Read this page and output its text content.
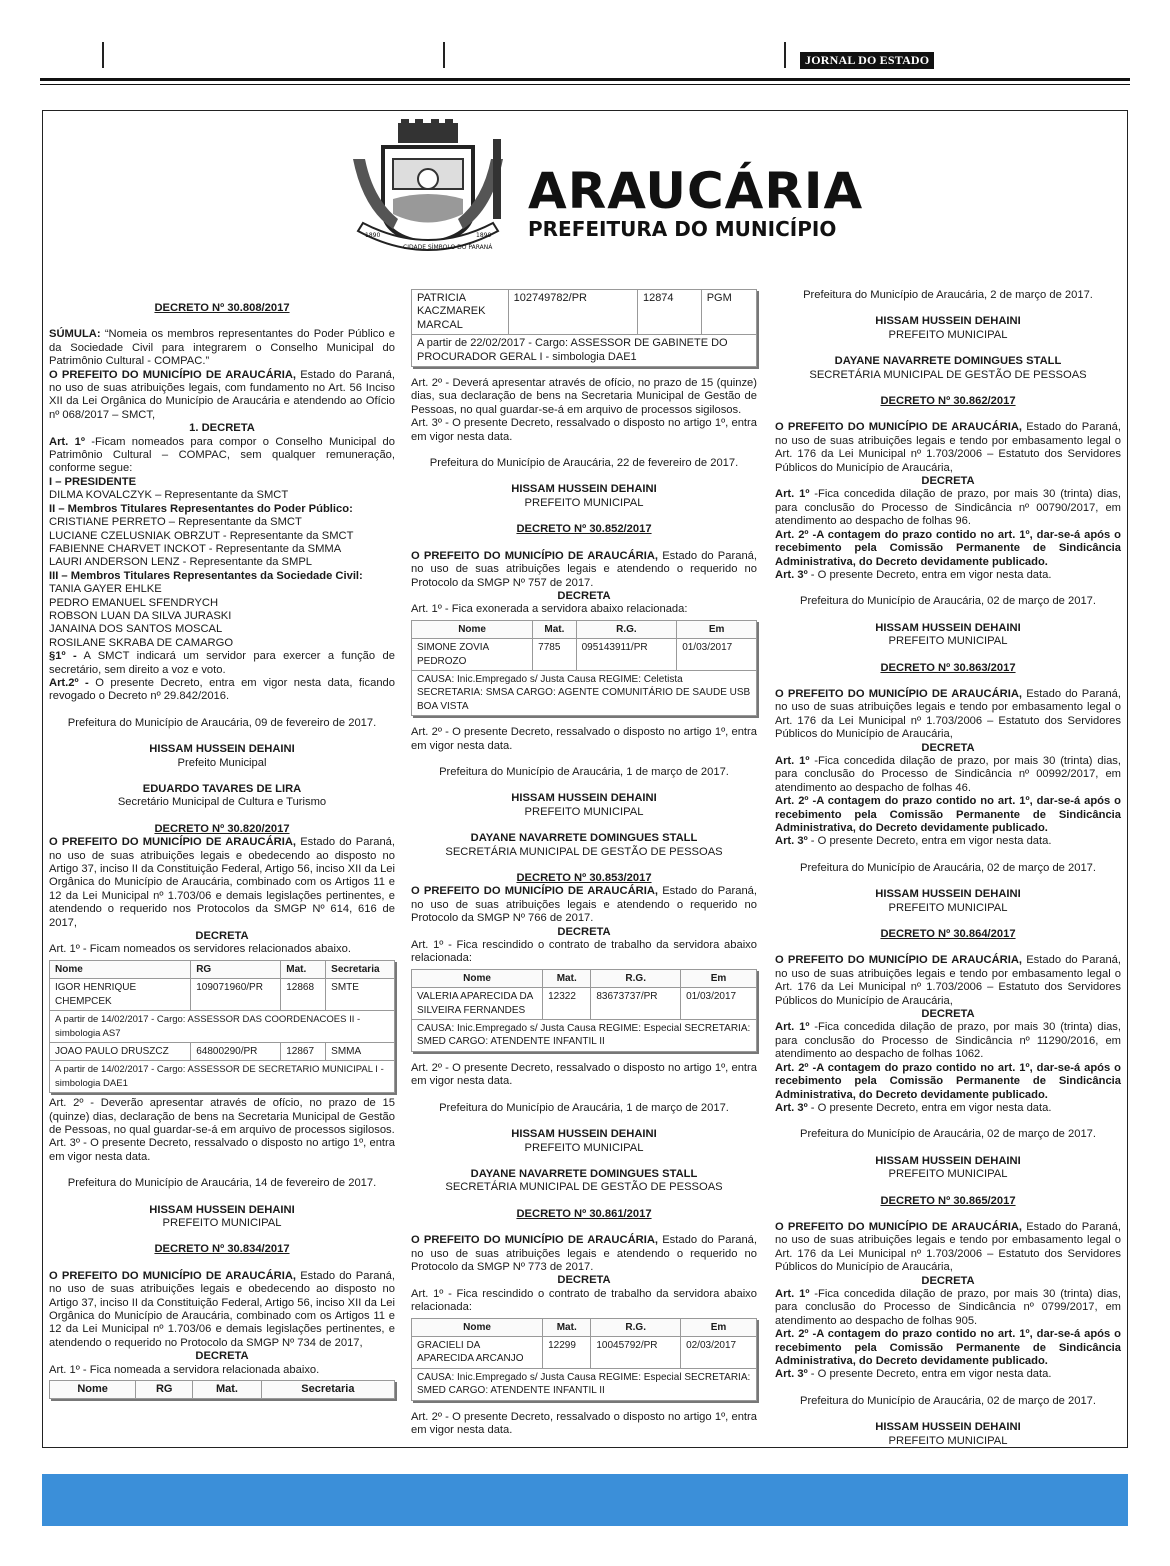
JORNAL DO ESTADO
1890
CIDADE SÍMBOLO DO PARANÁ
1890
ARAUCÁRIA
PREFEITURA DO MUNICÍPIO

DECRETO Nº 30.808/2017

SÚMULA: “Nomeia os membros representantes do Poder Público e da Sociedade Civil para integrarem o Conselho Municipal do Patrimônio Cultural - COMPAC.”

O PREFEITO DO MUNICÍPIO DE ARAUCÁRIA, Estado do Paraná, no uso de suas atribuições legais, com fundamento no Art. 56 Inciso XII da Lei Orgânica do Município de Araucária e atendendo ao Ofício nº 068/2017 – SMCT,

1. DECRETA

Art. 1º -Ficam nomeados para compor o Conselho Municipal do Patrimônio Cultural – COMPAC, sem qualquer remuneração, conforme segue:

I – PRESIDENTE

DILMA KOVALCZYK – Representante da SMCT

II – Membros Titulares Representantes do Poder Público:

CRISTIANE PERRETO – Representante da SMCT

LUCIANE CZELUSNIAK OBRZUT - Representante da SMCT

FABIENNE CHARVET INCKOT - Representante da SMMA

LAURI ANDERSON LENZ - Representante da SMPL

III – Membros Titulares Representantes da Sociedade Civil:

TANIA GAYER EHLKE

PEDRO EMANUEL SFENDRYCH

ROBSON LUAN DA SILVA JURASKI

JANAINA DOS SANTOS MOSCAL

ROSILANE SKRABA DE CAMARGO

§1º - A SMCT indicará um servidor para exercer a função de secretário, sem direito a voz e voto.

Art.2º - O presente Decreto, entra em vigor nesta data, ficando revogado o Decreto nº 29.842/2016.

Prefeitura do Município de Araucária, 09 de fevereiro de 2017.

HISSAM HUSSEIN DEHAINI

Prefeito Municipal

EDUARDO TAVARES DE LIRA

Secretário Municipal de Cultura e Turismo

DECRETO Nº 30.820/2017

O PREFEITO DO MUNICÍPIO DE ARAUCÁRIA, Estado do Paraná, no uso de suas atribuições legais e obedecendo ao disposto no Artigo 37, inciso II da Constituição Federal, Artigo 56, inciso XII da Lei Orgânica do Município de Araucária, combinado com os Artigos 11 e 12 da Lei Municipal nº 1.703/06 e demais legislações pertinentes, e atendendo o requerido nos Protocolos da SMGP Nº 614, 616 de 2017,

DECRETA

Art. 1º - Ficam nomeados os servidores relacionados abaixo.

Nome	RG	Mat.	Secretaria
IGOR HENRIQUE CHEMPCEK	109071960/PR	12868	SMTE
A partir de 14/02/2017 - Cargo: ASSESSOR DAS COORDENACOES II - simbologia AS7			
JOAO PAULO DRUSZCZ	64800290/PR	12867	SMMA
A partir de 14/02/2017 - Cargo: ASSESSOR DE SECRETARIO MUNICIPAL I - simbologia DAE1			

Art. 2º - Deverão apresentar através de ofício, no prazo de 15 (quinze) dias, declaração de bens na Secretaria Municipal de Gestão de Pessoas, no qual guardar-se-á em arquivo de processos sigilosos.

Art. 3º - O presente Decreto, ressalvado o disposto no artigo 1º, entra em vigor nesta data.

Prefeitura do Município de Araucária, 14 de fevereiro de 2017.

HISSAM HUSSEIN DEHAINI

PREFEITO MUNICIPAL

DECRETO Nº 30.834/2017

O PREFEITO DO MUNICÍPIO DE ARAUCÁRIA, Estado do Paraná, no uso de suas atribuições legais e obedecendo ao disposto no Artigo 37, inciso II da Constituição Federal, Artigo 56, inciso XII da Lei Orgânica do Município de Araucária, combinado com os Artigos 11 e 12 da Lei Municipal nº 1.703/06 e demais legislações pertinentes, e atendendo o requerido no Protocolo da SMGP Nº 734 de 2017,

DECRETA

Art. 1º - Fica nomeada a servidora relacionada abaixo.

Nome	RG	Mat.	Secretaria
PATRICIA KACZMAREK MARCAL	102749782/PR	12874	PGM
A partir de 22/02/2017 - Cargo: ASSESSOR DE GABINETE DO PROCURADOR GERAL I - simbologia DAE1

Art. 2º - Deverá apresentar através de ofício, no prazo de 15 (quinze) dias, sua declaração de bens na Secretaria Municipal de Gestão de Pessoas, no qual guardar-se-á em arquivo de processos sigilosos.

Art. 3º - O presente Decreto, ressalvado o disposto no artigo 1º, entra em vigor nesta data.

Prefeitura do Município de Araucária, 22 de fevereiro de 2017.

HISSAM HUSSEIN DEHAINI

PREFEITO MUNICIPAL

DECRETO Nº 30.852/2017

O PREFEITO DO MUNICÍPIO DE ARAUCÁRIA, Estado do Paraná, no uso de suas atribuições legais e atendendo o requerido no Protocolo da SMGP Nº 757 de 2017.

DECRETA

Art. 1º - Fica exonerada a servidora abaixo relacionada:

Nome	Mat.	R.G.	Em
SIMONE ZOVIA PEDROZO	7785	095143911/PR	01/03/2017
CAUSA: Inic.Empregado s/ Justa Causa REGIME: Celetista SECRETARIA: SMSA CARGO: AGENTE COMUNITÁRIO DE SAUDE USB BOA VISTA			

Art. 2º - O presente Decreto, ressalvado o disposto no artigo 1º, entra em vigor nesta data.

Prefeitura do Município de Araucária, 1 de março de 2017.

HISSAM HUSSEIN DEHAINI

PREFEITO MUNICIPAL

DAYANE NAVARRETE DOMINGUES STALL

SECRETÁRIA MUNICIPAL DE GESTÃO DE PESSOAS

DECRETO Nº 30.853/2017

O PREFEITO DO MUNICÍPIO DE ARAUCÁRIA, Estado do Paraná, no uso de suas atribuições legais e atendendo o requerido no Protocolo da SMGP Nº 766 de 2017.

DECRETA

Art. 1º - Fica rescindido o contrato de trabalho da servidora abaixo relacionada:

Nome	Mat.	R.G.	Em
VALERIA APARECIDA DA SILVEIRA FERNANDES	12322	83673737/PR	01/03/2017
CAUSA: Inic.Empregado s/ Justa Causa REGIME: Especial SECRETARIA: SMED CARGO: ATENDENTE INFANTIL II			

Art. 2º - O presente Decreto, ressalvado o disposto no artigo 1º, entra em vigor nesta data.

Prefeitura do Município de Araucária, 1 de março de 2017.

HISSAM HUSSEIN DEHAINI

PREFEITO MUNICIPAL

DAYANE NAVARRETE DOMINGUES STALL

SECRETÁRIA MUNICIPAL DE GESTÃO DE PESSOAS

DECRETO Nº 30.861/2017

O PREFEITO DO MUNICÍPIO DE ARAUCÁRIA, Estado do Paraná, no uso de suas atribuições legais e atendendo o requerido no Protocolo da SMGP Nº 773 de 2017.

DECRETA

Art. 1º - Fica rescindido o contrato de trabalho da servidora abaixo relacionada:

Nome	Mat.	R.G.	Em
GRACIELI DA APARECIDA ARCANJO	12299	10045792/PR	02/03/2017
CAUSA: Inic.Empregado s/ Justa Causa REGIME: Especial SECRETARIA: SMED CARGO: ATENDENTE INFANTIL II			

Art. 2º - O presente Decreto, ressalvado o disposto no artigo 1º, entra em vigor nesta data.

Prefeitura do Município de Araucária, 2 de março de 2017.

HISSAM HUSSEIN DEHAINI

PREFEITO MUNICIPAL

DAYANE NAVARRETE DOMINGUES STALL

SECRETÁRIA MUNICIPAL DE GESTÃO DE PESSOAS

DECRETO Nº 30.862/2017

O PREFEITO DO MUNICÍPIO DE ARAUCÁRIA, Estado do Paraná, no uso de suas atribuições legais e tendo por embasamento legal o Art. 176 da Lei Municipal nº 1.703/2006 – Estatuto dos Servidores Públicos do Município de Araucária,

DECRETA

Art. 1º -Fica concedida dilação de prazo, por mais 30 (trinta) dias, para conclusão do Processo de Sindicância nº 00790/2017, em atendimento ao despacho de folhas 96.

Art. 2º -A contagem do prazo contido no art. 1º, dar-se-á após o recebimento pela Comissão Permanente de Sindicância Administrativa, do Decreto devidamente publicado.

Art. 3º - O presente Decreto, entra em vigor nesta data.

Prefeitura do Município de Araucária, 02 de março de 2017.

HISSAM HUSSEIN DEHAINI

PREFEITO MUNICIPAL

DECRETO Nº 30.863/2017

O PREFEITO DO MUNICÍPIO DE ARAUCÁRIA, Estado do Paraná, no uso de suas atribuições legais e tendo por embasamento legal o Art. 176 da Lei Municipal nº 1.703/2006 – Estatuto dos Servidores Públicos do Município de Araucária,

DECRETA

Art. 1º -Fica concedida dilação de prazo, por mais 30 (trinta) dias, para conclusão do Processo de Sindicância nº 00992/2017, em atendimento ao despacho de folhas 46.

Art. 2º -A contagem do prazo contido no art. 1º, dar-se-á após o recebimento pela Comissão Permanente de Sindicância Administrativa, do Decreto devidamente publicado.

Art. 3º - O presente Decreto, entra em vigor nesta data.

Prefeitura do Município de Araucária, 02 de março de 2017.

HISSAM HUSSEIN DEHAINI

PREFEITO MUNICIPAL

DECRETO Nº 30.864/2017

O PREFEITO DO MUNICÍPIO DE ARAUCÁRIA, Estado do Paraná, no uso de suas atribuições legais e tendo por embasamento legal o Art. 176 da Lei Municipal nº 1.703/2006 – Estatuto dos Servidores Públicos do Município de Araucária,

DECRETA

Art. 1º -Fica concedida dilação de prazo, por mais 30 (trinta) dias, para conclusão do Processo de Sindicância nº 11290/2016, em atendimento ao despacho de folhas 1062.

Art. 2º -A contagem do prazo contido no art. 1º, dar-se-á após o recebimento pela Comissão Permanente de Sindicância Administrativa, do Decreto devidamente publicado.

Art. 3º - O presente Decreto, entra em vigor nesta data.

Prefeitura do Município de Araucária, 02 de março de 2017.

HISSAM HUSSEIN DEHAINI

PREFEITO MUNICIPAL

DECRETO Nº 30.865/2017

O PREFEITO DO MUNICÍPIO DE ARAUCÁRIA, Estado do Paraná, no uso de suas atribuições legais e tendo por embasamento legal o Art. 176 da Lei Municipal nº 1.703/2006 – Estatuto dos Servidores Públicos do Município de Araucária,

DECRETA

Art. 1º -Fica concedida dilação de prazo, por mais 30 (trinta) dias, para conclusão do Processo de Sindicância nº 0799/2017, em atendimento ao despacho de folhas 905.

Art. 2º -A contagem do prazo contido no art. 1º, dar-se-á após o recebimento pela Comissão Permanente de Sindicância Administrativa, do Decreto devidamente publicado.

Art. 3º - O presente Decreto, entra em vigor nesta data.

Prefeitura do Município de Araucária, 02 de março de 2017.

HISSAM HUSSEIN DEHAINI

PREFEITO MUNICIPAL
